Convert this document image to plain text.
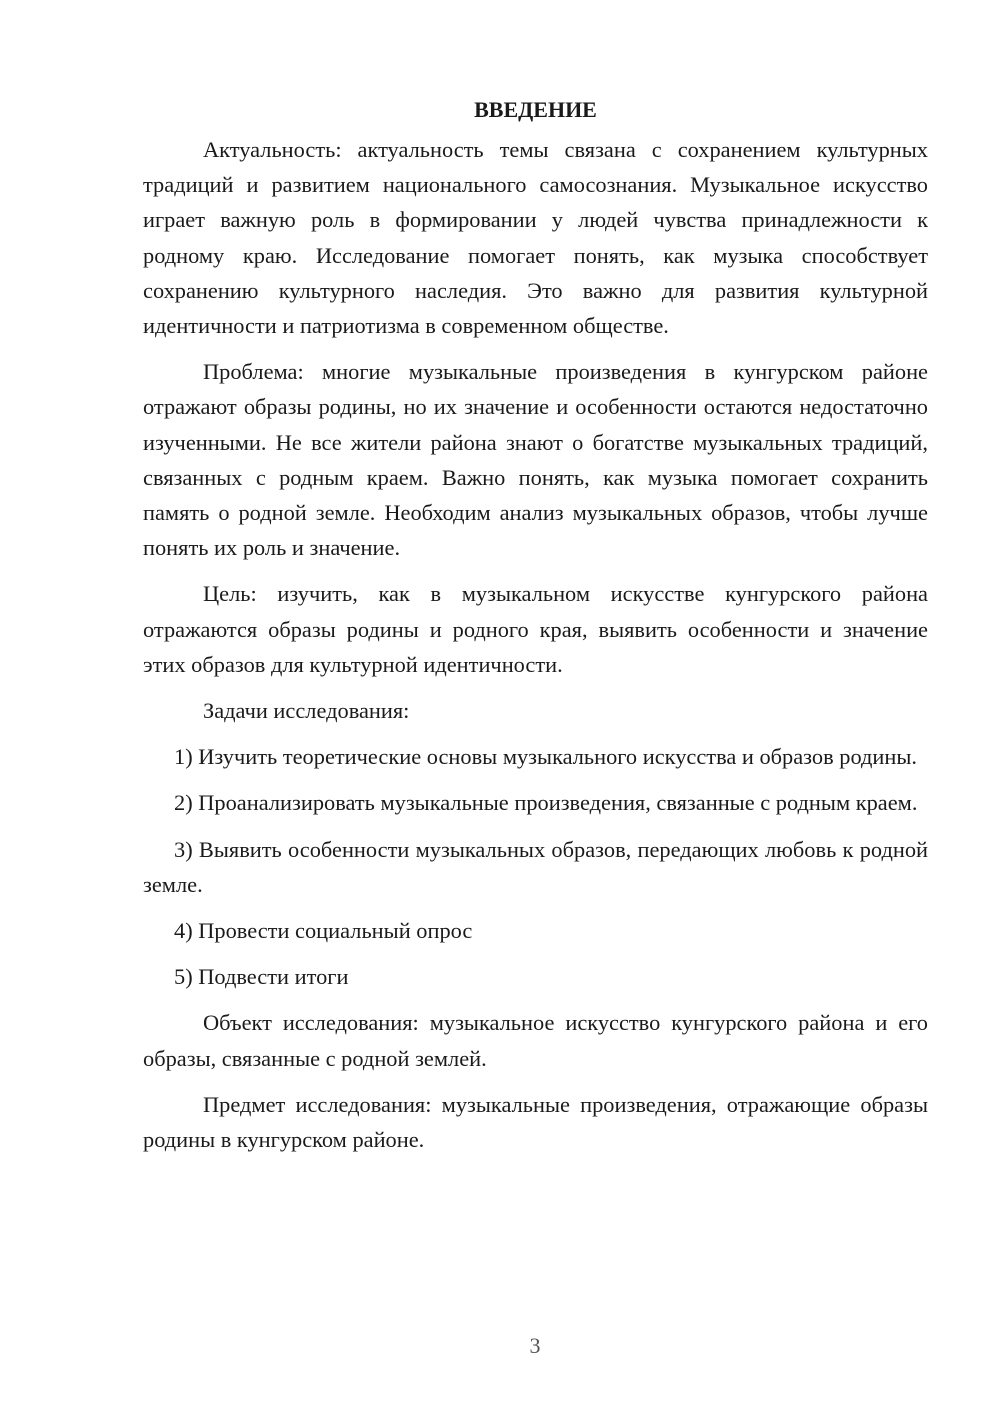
ВВЕДЕНИЕ

Актуальность: актуальность темы связана с сохранением культурных традиций и развитием национального самосознания. Музыкальное искусство играет важную роль в формировании у людей чувства принадлежности к родному краю. Исследование помогает понять, как музыка способствует сохранению культурного наследия. Это важно для развития культурной идентичности и патриотизма в современном обществе.

Проблема: многие музыкальные произведения в кунгурском районе отражают образы родины, но их значение и особенности остаются недостаточно изученными. Не все жители района знают о богатстве музыкальных традиций, связанных с родным краем. Важно понять, как музыка помогает сохранить память о родной земле. Необходим анализ музыкальных образов, чтобы лучше понять их роль и значение.

Цель: изучить, как в музыкальном искусстве кунгурского района отражаются образы родины и родного края, выявить особенности и значение этих образов для культурной идентичности.

Задачи исследования:

1) Изучить теоретические основы музыкального искусства и образов родины.

2) Проанализировать музыкальные произведения, связанные с родным краем.

3) Выявить особенности музыкальных образов, передающих любовь к родной земле.

4) Провести социальный опрос

5) Подвести итоги

Объект исследования: музыкальное искусство кунгурского района и его образы, связанные с родной землей.

Предмет исследования: музыкальные произведения, отражающие образы родины в кунгурском районе.

3
